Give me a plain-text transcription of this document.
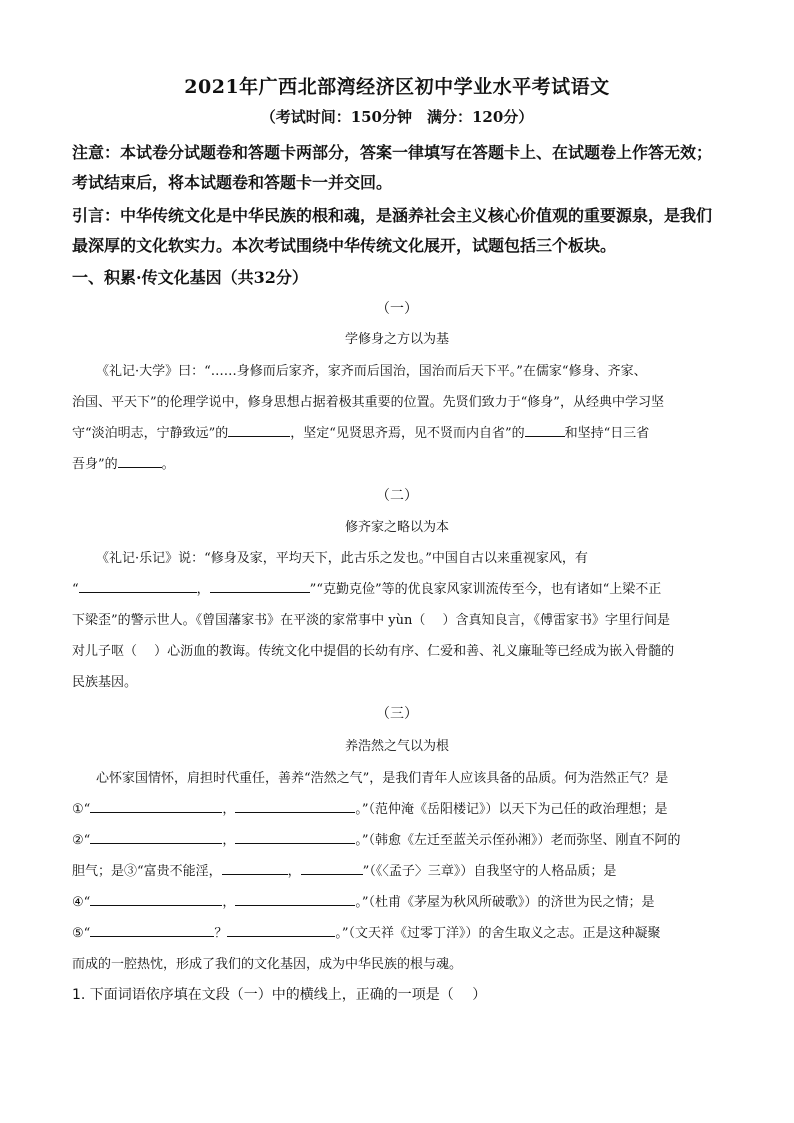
2021年广西北部湾经济区初中学业水平考试语文
（考试时间：150分钟　满分：120分）
注意：本试卷分试题卷和答题卡两部分，答案一律填写在答题卡上、在试题卷上作答无效；
考试结束后，将本试题卷和答题卡一并交回。
引言：中华传统文化是中华民族的根和魂，是涵养社会主义核心价值观的重要源泉，是我们
最深厚的文化软实力。本次考试围绕中华传统文化展开，试题包括三个板块。
一、积累·传文化基因（共32分）
（一）
学修身之方以为基
《礼记·大学》曰：“……身修而后家齐，家齐而后国治，国治而后天下平。”在儒家“修身、齐家、
治国、平天下”的伦理学说中，修身思想占据着极其重要的位置。先贤们致力于“修身”，从经典中学习坚
守“淡泊明志，宁静致远”的	，坚定“见贤思齐焉，见不贤而内自省”的	和坚持“日三省
吾身”的	。
（二）
修齐家之略以为本
《礼记·乐记》说：“修身及家，平均天下，此古乐之发也。”中国自古以来重视家风，有
“	，	”“克勤克俭”等的优良家风家训流传至今，也有诸如“上梁不正
下梁歪”的警示世人。《曾国藩家书》在平淡的家常事中 yùn（　 ）含真知良言，《傅雷家书》字里行间是
对儿子呕（　 ）心沥血的教诲。传统文化中提倡的长幼有序、仁爱和善、礼义廉耻等已经成为嵌入骨髓的
民族基因。
（三）
养浩然之气以为根
心怀家国情怀，肩担时代重任，善养“浩然之气”，是我们青年人应该具备的品质。何为浩然正气？是
①“	，	。”（范仲淹《岳阳楼记》）以天下为己任的政治理想；是
②“	，	。”（韩愈《左迁至蓝关示侄孙湘》）老而弥坚、刚直不阿的
胆气；是③“富贵不能淫，	，	”（《〈孟子〉三章》）自我坚守的人格品质；是
④“	，	。”（杜甫《茅屋为秋风所破歌》）的济世为民之情；是
⑤“	？	。”（文天祥《过零丁洋》）的舍生取义之志。正是这种凝聚
而成的一腔热忱，形成了我们的文化基因，成为中华民族的根与魂。
1. 下面词语依序填在文段（一）中的横线上，正确的一项是（　 ）
